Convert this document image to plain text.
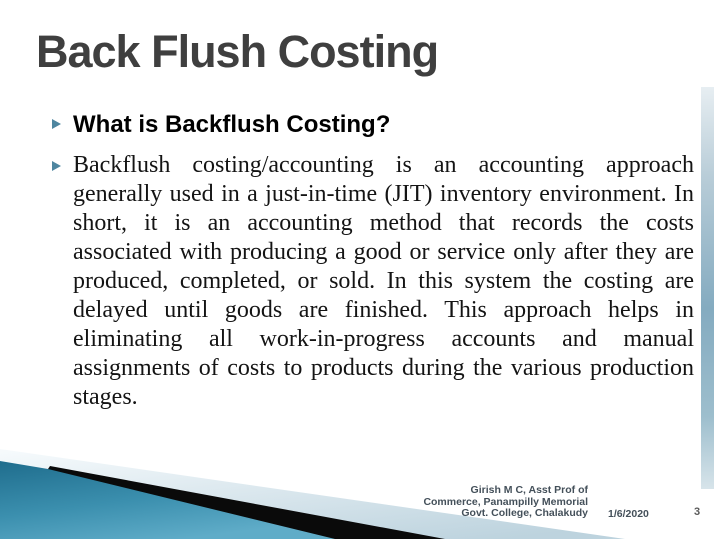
Back Flush Costing
What is Backflush Costing?
Backflush costing/accounting is an accounting approach generally used in a just-in-time (JIT) inventory environment. In short, it is an accounting method that records the costs associated with producing a good or service only after they are produced, completed, or sold. In this system the costing are delayed until goods are finished. This approach helps in eliminating all work-in-progress accounts and manual assignments of costs to products during the various production stages.
Girish M C, Asst Prof of
Commerce, Panampilly Memorial
Govt. College, Chalakudy 1/6/2020	3
